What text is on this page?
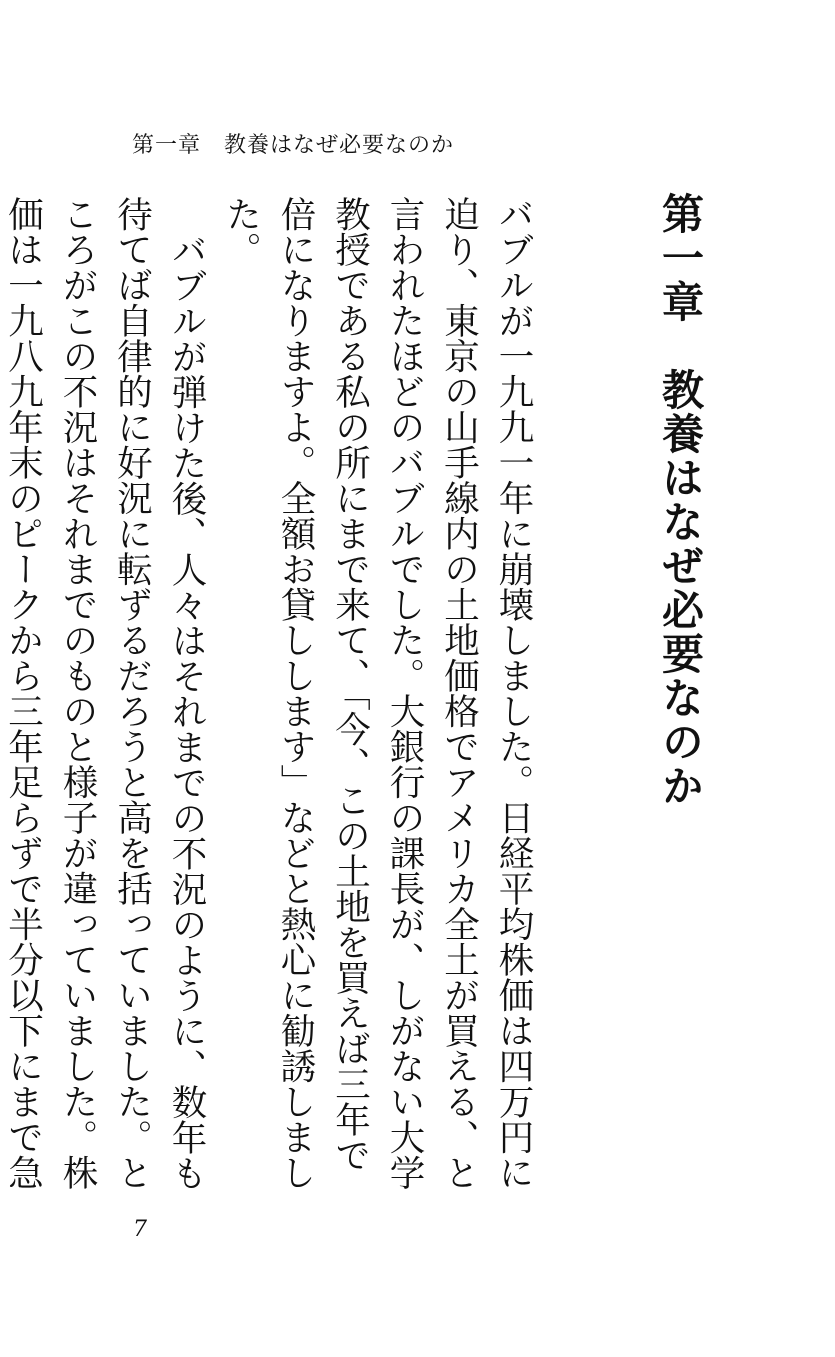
第一章　教養はなぜ必要なのか
第一章　教養はなぜ必要なのか

バブルが一九九一年に崩壊しました。日経平均株価は四万円に迫り、東京の山手線内の土地価格でアメリカ全土が買える、と言われたほどのバブルでした。大銀行の課長が、しがない大学教授である私の所にまで来て、「今、この土地を買えば三年で倍になりますよ。全額お貸しします」などと熱心に勧誘しました。

バブルが弾けた後、人々はそれまでの不況のように、数年も待てば自律的に好況に転ずるだろうと高を括っていました。ところがこの不況はそれまでのものと様子が違っていました。株価は一九八九年末のピークから三年足らずで半分以下にまで急

7
